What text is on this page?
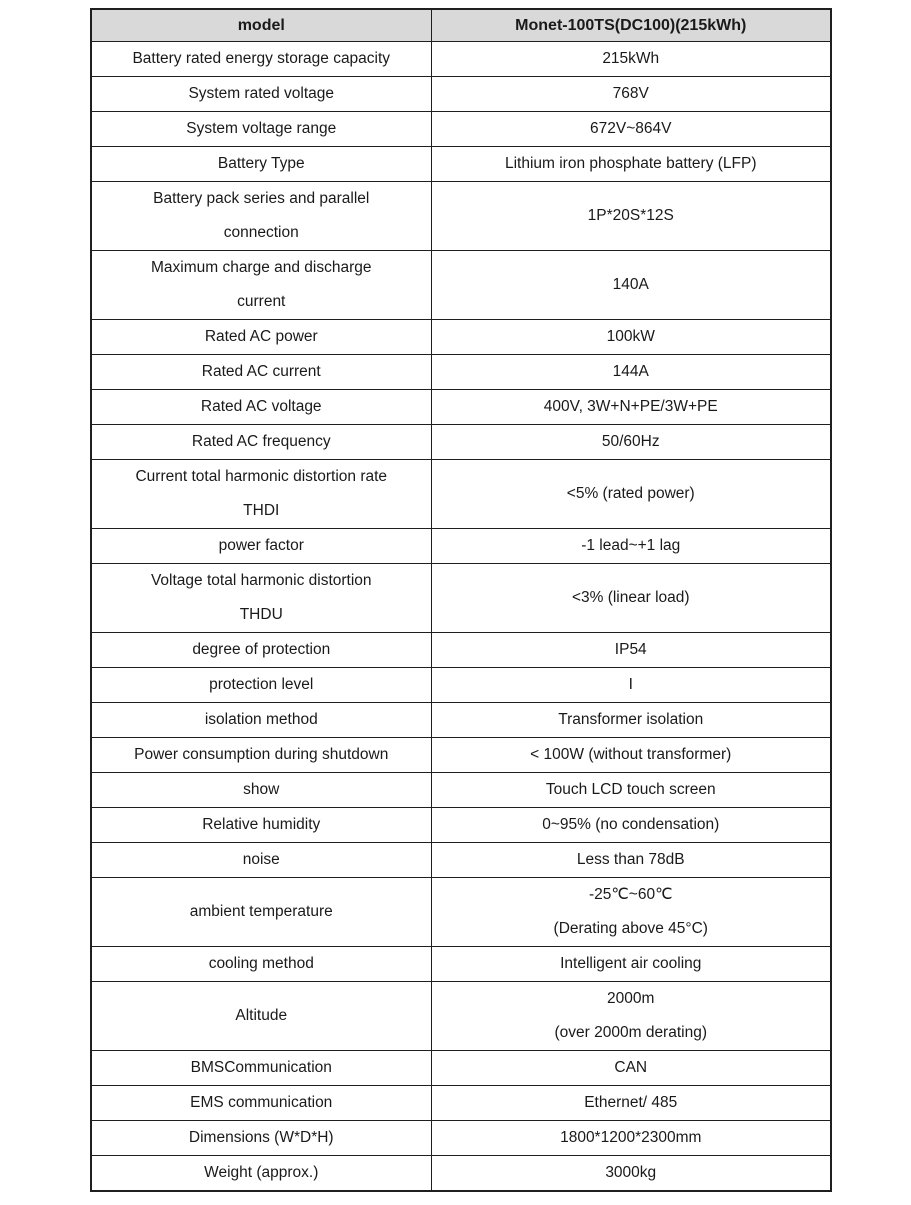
model	Monet-100TS(DC100)(215kWh)

Battery rated energy storage capacity	215kWh

System rated voltage	768V

System voltage range	672V~864V

Battery Type	Lithium iron phosphate battery (LFP)

Battery pack series and parallel
connection	1P*20S*12S

Maximum charge and discharge
current	140A

Rated AC power	100kW

Rated AC current	144A

Rated AC voltage	400V, 3W+N+PE/3W+PE

Rated AC frequency	50/60Hz

Current total harmonic distortion rate
THDI	<5% (rated power)

power factor	-1 lead~+1 lag

Voltage total harmonic distortion
THDU	<3% (linear load)

degree of protection	IP54

protection level	I

isolation method	Transformer isolation

Power consumption during shutdown	< 100W (without transformer)

show	Touch LCD touch screen

Relative humidity	0~95% (no condensation)

noise	Less than 78dB

ambient temperature	-25℃~60℃
(Derating above 45°C)

cooling method	Intelligent air cooling

Altitude	2000m
(over 2000m derating)

BMSCommunication	CAN

EMS communication	Ethernet/ 485

Dimensions (W*D*H)	1800*1200*2300mm

Weight (approx.)	3000kg
